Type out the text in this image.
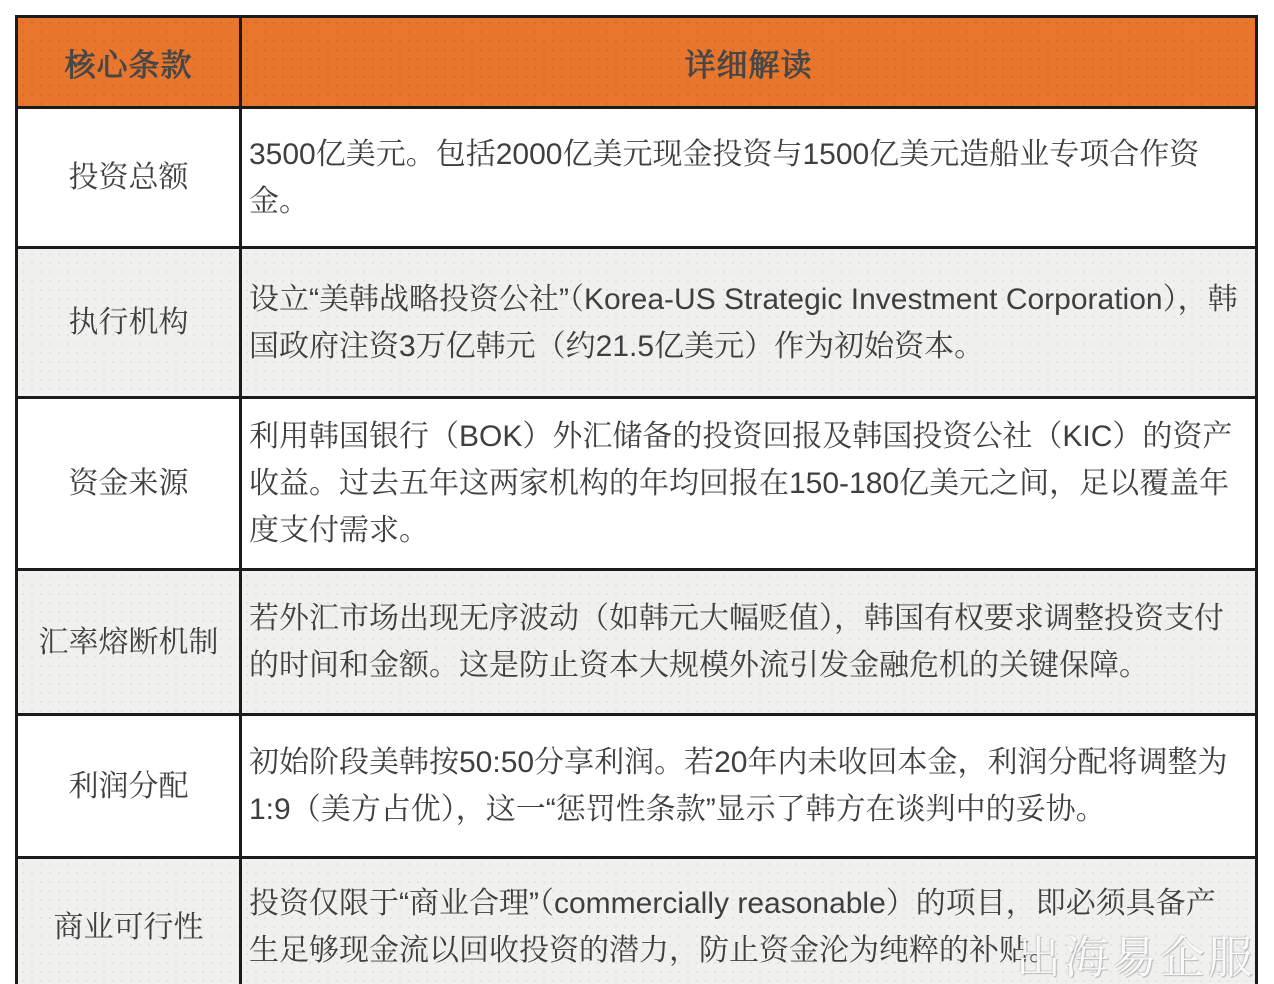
核心条款	详细解读
投资总额	3500亿美元。包括2000亿美元现金投资与1500亿美元造船业专项合作资金。
执行机构	设立“美韩战略投资公社”（Korea-US Strategic Investment Corporation），韩国政府注资3万亿韩元（约21.5亿美元）作为初始资本。
资金来源	利用韩国银行（BOK）外汇储备的投资回报及韩国投资公社（KIC）的资产收益。过去五年这两家机构的年均回报在150-180亿美元之间，足以覆盖年度支付需求。
汇率熔断机制	若外汇市场出现无序波动（如韩元大幅贬值），韩国有权要求调整投资支付的时间和金额。这是防止资本大规模外流引发金融危机的关键保障。
利润分配	初始阶段美韩按50:50分享利润。若20年内未收回本金，利润分配将调整为1:9（美方占优），这一“惩罚性条款”显示了韩方在谈判中的妥协。
商业可行性	投资仅限于“商业合理”（commercially reasonable）的项目，即必须具备产生足够现金流以回收投资的潜力，防止资金沦为纯粹的补贴。
出海易企服
